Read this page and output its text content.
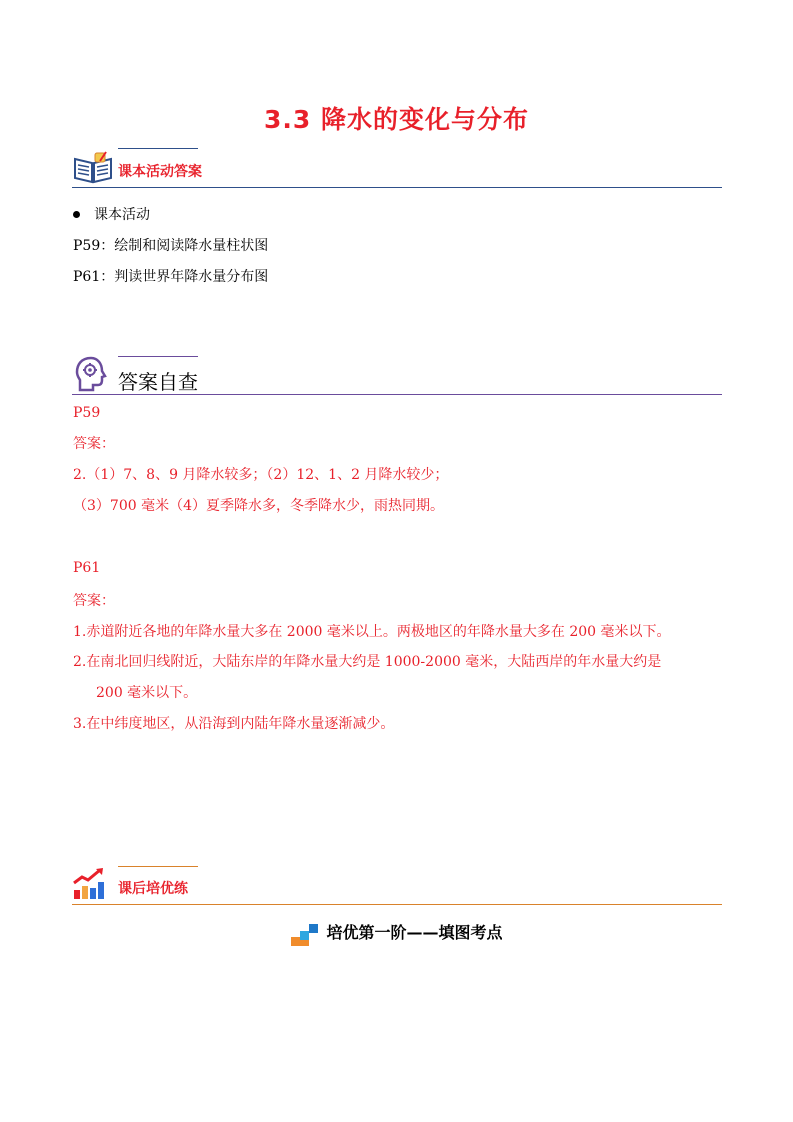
3.3 降水的变化与分布
课本活动答案
课本活动
P59：绘制和阅读降水量柱状图
P61：判读世界年降水量分布图
答案自查
P59
答案：
2.（1）7、8、9 月降水较多；（2）12、1、2 月降水较少；
（3）700 毫米（4）夏季降水多，冬季降水少，雨热同期。
P61
答案：
1.赤道附近各地的年降水量大多在 2000 毫米以上。两极地区的年降水量大多在 200 毫米以下。
2.在南北回归线附近，大陆东岸的年降水量大约是 1000-2000 毫米，大陆西岸的年水量大约是
200 毫米以下。
3.在中纬度地区，从沿海到内陆年降水量逐渐减少。
课后培优练
培优第一阶——填图考点
